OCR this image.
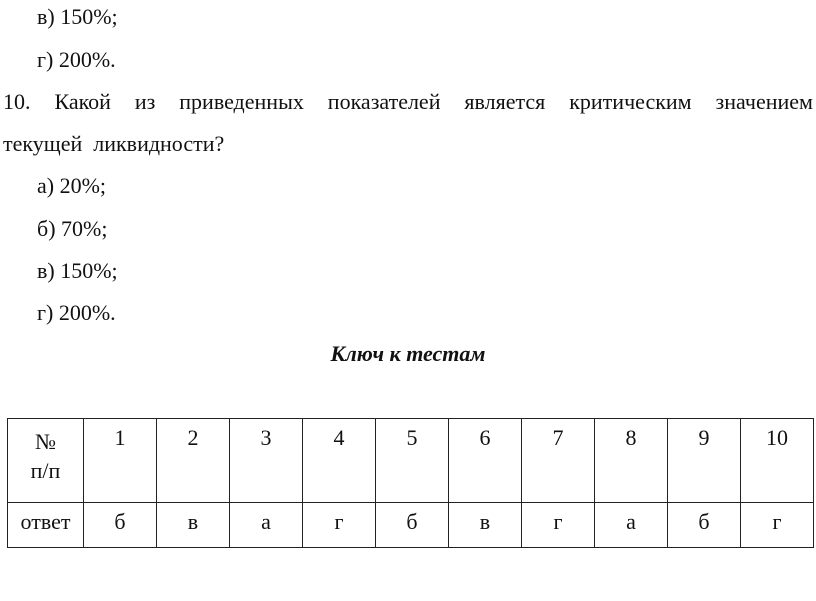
в) 150%;
г) 200%.
10. Какой из приведенных показателей является критическим значением
текущей  ликвидности?
а) 20%;
б) 70%;
в) 150%;
г) 200%.
Ключ к тестам
№
п/п	1	2	3	4	5	6	7	8	9	10
ответ	б	в	а	г	б	в	г	а	б	г
